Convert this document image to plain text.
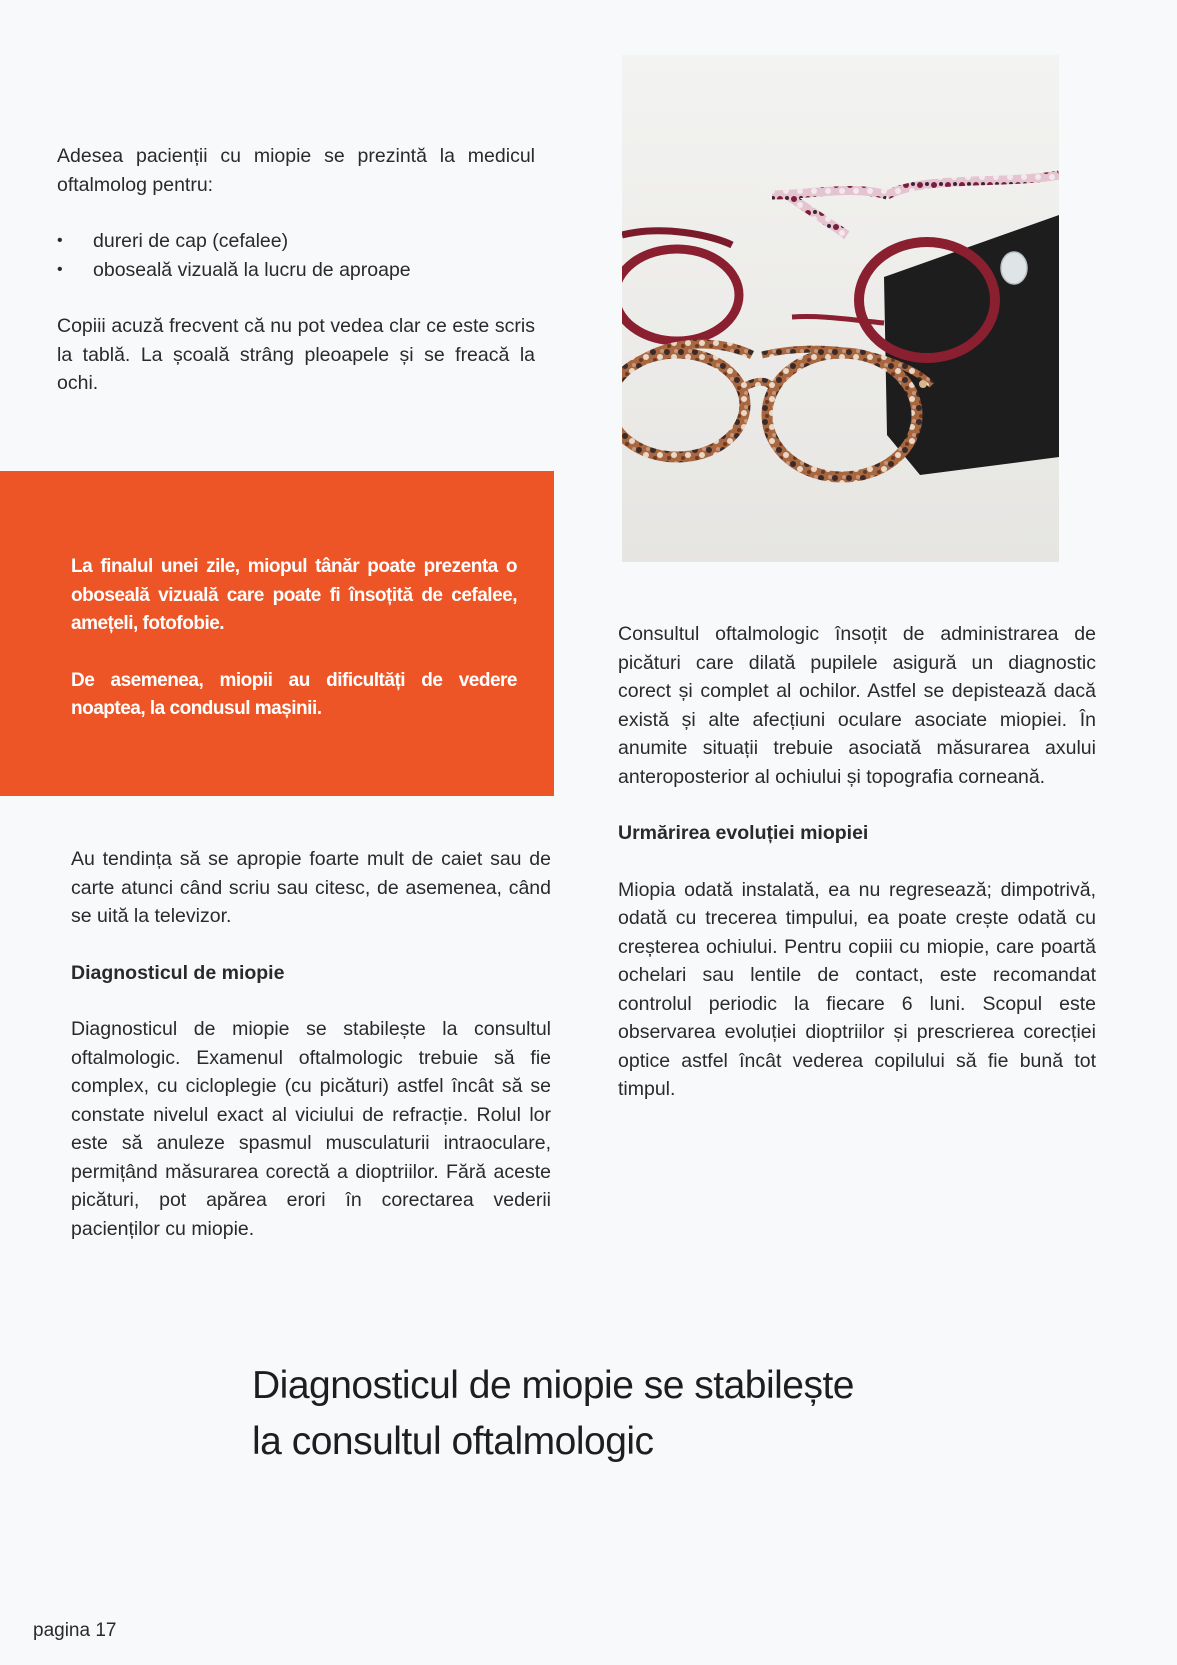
Adesea pacienții cu miopie se prezintă la medicul oftalmolog pentru:

• dureri de cap (cefalee)
• oboseală vizuală la lucru de aproape

Copiii acuză frecvent că nu pot vedea clar ce este scris la tablă. La școală strâng pleoapele și se freacă la ochi.

La finalul unei zile, miopul tânăr poate prezenta o oboseală vizuală care poate fi însoțită de cefalee, amețeli, fotofobie.

De asemenea, miopii au dificultăți de vedere noaptea, la condusul mașinii.

Au tendința să se apropie foarte mult de caiet sau de carte atunci când scriu sau citesc, de asemenea, când se uită la televizor.

Diagnosticul de miopie

Diagnosticul de miopie se stabilește la consultul oftalmologic. Examenul oftalmologic trebuie să fie complex, cu cicloplegie (cu picături) astfel încât să se constate nivelul exact al viciului de refracție. Rolul lor este să anuleze spasmul musculaturii intraoculare, permițând măsurarea corectă a dioptriilor. Fără aceste picături, pot apărea erori în corectarea vederii pacienților cu miopie.

Consultul oftalmologic însoțit de administrarea de picături care dilată pupilele asigură un diagnostic corect și complet al ochilor. Astfel se depistează dacă există și alte afecțiuni oculare asociate miopiei. În anumite situații trebuie asociată măsurarea axului anteroposterior al ochiului și topografia corneană.

Urmărirea evoluției miopiei

Miopia odată instalată, ea nu regresează; dimpotrivă, odată cu trecerea timpului, ea poate crește odată cu creșterea ochiului. Pentru copiii cu miopie, care poartă ochelari sau lentile de contact, este recomandat controlul periodic la fiecare 6 luni. Scopul este observarea evoluției dioptriilor și prescrierea corecției optice astfel încât vederea copilului să fie bună tot timpul.

Diagnosticul de miopie se stabilește
la consultul oftalmologic
pagina 17
